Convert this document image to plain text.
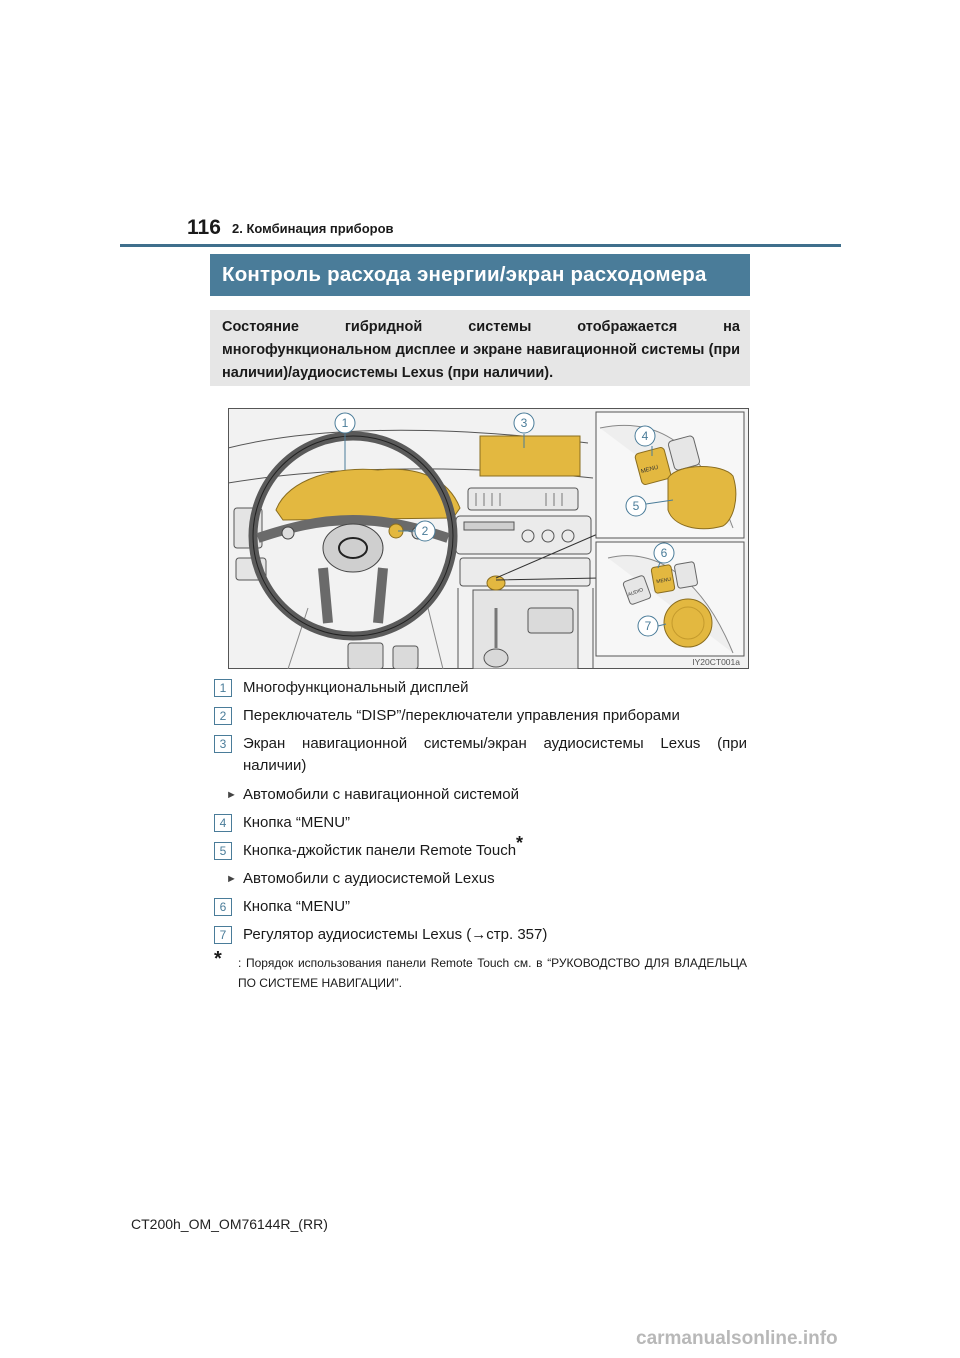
116 2. Комбинация приборов
Контроль расхода энергии/экран расходомера
Состояние гибридной системы отображается на многофункциональном дисплее и экране навигационной системы (при наличии)/аудиосистемы Lexus (при наличии).
1	3
2
MENU
4
5
AUDIO
MENU
6
7
IY20CT001a
1	Многофункциональный дисплей
2	Переключатель “DISP”/переключатели управления приборами
3	Экран навигационной системы/экран аудиосистемы Lexus (при наличии)
► Автомобили с навигационной системой
4	Кнопка “MENU”
5	Кнопка-джойстик панели Remote Touch*
► Автомобили с аудиосистемой Lexus
6	Кнопка “MENU”
7	Регулятор аудиосистемы Lexus (→стр. 357)
* : Порядок использования панели Remote Touch см. в “РУКОВОДСТВО ДЛЯ ВЛАДЕЛЬЦА ПО СИСТЕМЕ НАВИГАЦИИ”.
CT200h_OM_OM76144R_(RR)
carmanualsonline.info
